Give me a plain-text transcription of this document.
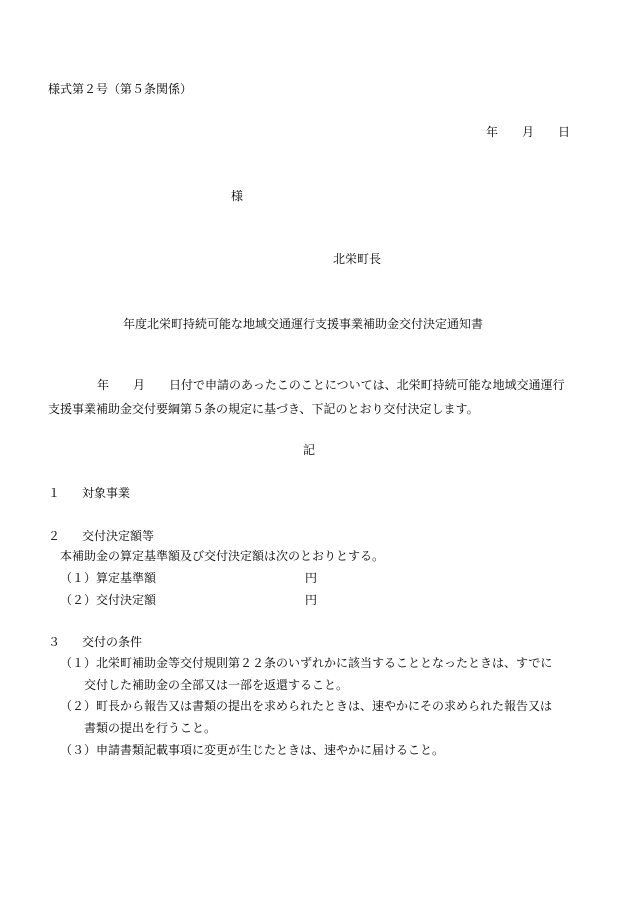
様式第２号（第５条関係）
年 月 日
様
北栄町長
年度北栄町持続可能な地域交通運行支援事業補助金交付決定通知書
年 月 日付で申請のあったこのことについては、北栄町持続可能な地域交通運行
支援事業補助金交付要綱第５条の規定に基づき、下記のとおり交付決定します。
記
１ 対象事業
２ 交付決定額等
本補助金の算定基準額及び交付決定額は次のとおりとする。
（１）算定基準額	円
（２）交付決定額	円
３ 交付の条件
（１）北栄町補助金等交付規則第２２条のいずれかに該当することとなったときは、すでに
交付した補助金の全部又は一部を返還すること。
（２）町長から報告又は書類の提出を求められたときは、速やかにその求められた報告又は
書類の提出を行うこと。
（３）申請書類記載事項に変更が生じたときは、速やかに届けること。
